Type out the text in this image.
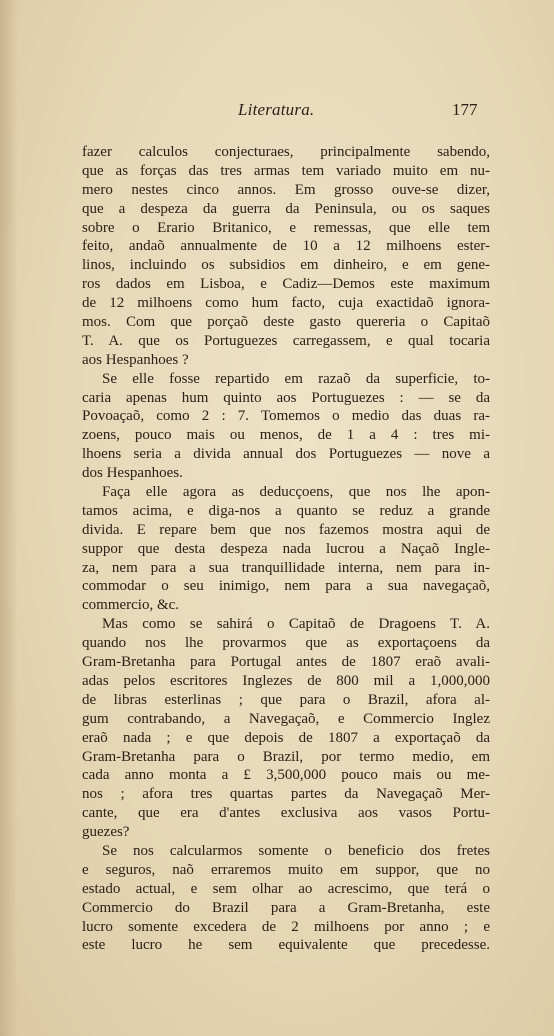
Literatura.	177
fazer calculos conjecturaes, principalmente sabendo,
que as forças das tres armas tem variado muito em nu-
mero nestes cinco annos. Em grosso ouve-se dizer,
que a despeza da guerra da Peninsula, ou os saques
sobre o Erario Britanico, e remessas, que elle tem
feito, andaõ annualmente de 10 a 12 milhoens ester-
linos, incluindo os subsidios em dinheiro, e em gene-
ros dados em Lisboa, e Cadiz—Demos este maximum
de 12 milhoens como hum facto, cuja exactidaõ ignora-
mos. Com que porçaõ deste gasto quereria o Capitaõ
T. A. que os Portuguezes carregassem, e qual tocaria
aos Hespanhoes ?
Se elle fosse repartido em razaõ da superficie, to-
caria apenas hum quinto aos Portuguezes : — se da
Povoaçaõ, como 2 : 7. Tomemos o medio das duas ra-
zoens, pouco mais ou menos, de 1 a 4 : tres mi-
lhoens seria a divida annual dos Portuguezes — nove a
dos Hespanhoes.
Faça elle agora as deducçoens, que nos lhe apon-
tamos acima, e diga-nos a quanto se reduz a grande
divida. E repare bem que nos fazemos mostra aqui de
suppor que desta despeza nada lucrou a Naçaõ Ingle-
za, nem para a sua tranquillidade interna, nem para in-
commodar o seu inimigo, nem para a sua navegaçaõ,
commercio, &c.
Mas como se sahirá o Capitaõ de Dragoens T. A.
quando nos lhe provarmos que as exportaçoens da
Gram-Bretanha para Portugal antes de 1807 eraõ avali-
adas pelos escritores Inglezes de 800 mil a 1,000,000
de libras esterlinas ; que para o Brazil, afora al-
gum contrabando, a Navegaçaõ, e Commercio Inglez
eraõ nada ; e que depois de 1807 a exportaçaõ da
Gram-Bretanha para o Brazil, por termo medio, em
cada anno monta a £ 3,500,000 pouco mais ou me-
nos ; afora tres quartas partes da Navegaçaõ Mer-
cante, que era d'antes exclusiva aos vasos Portu-
guezes?
Se nos calcularmos somente o beneficio dos fretes
e seguros, naõ erraremos muito em suppor, que no
estado actual, e sem olhar ao acrescimo, que terá o
Commercio do Brazil para a Gram-Bretanha, este
lucro somente excedera de 2 milhoens por anno ; e
este lucro he sem equivalente que precedesse.
